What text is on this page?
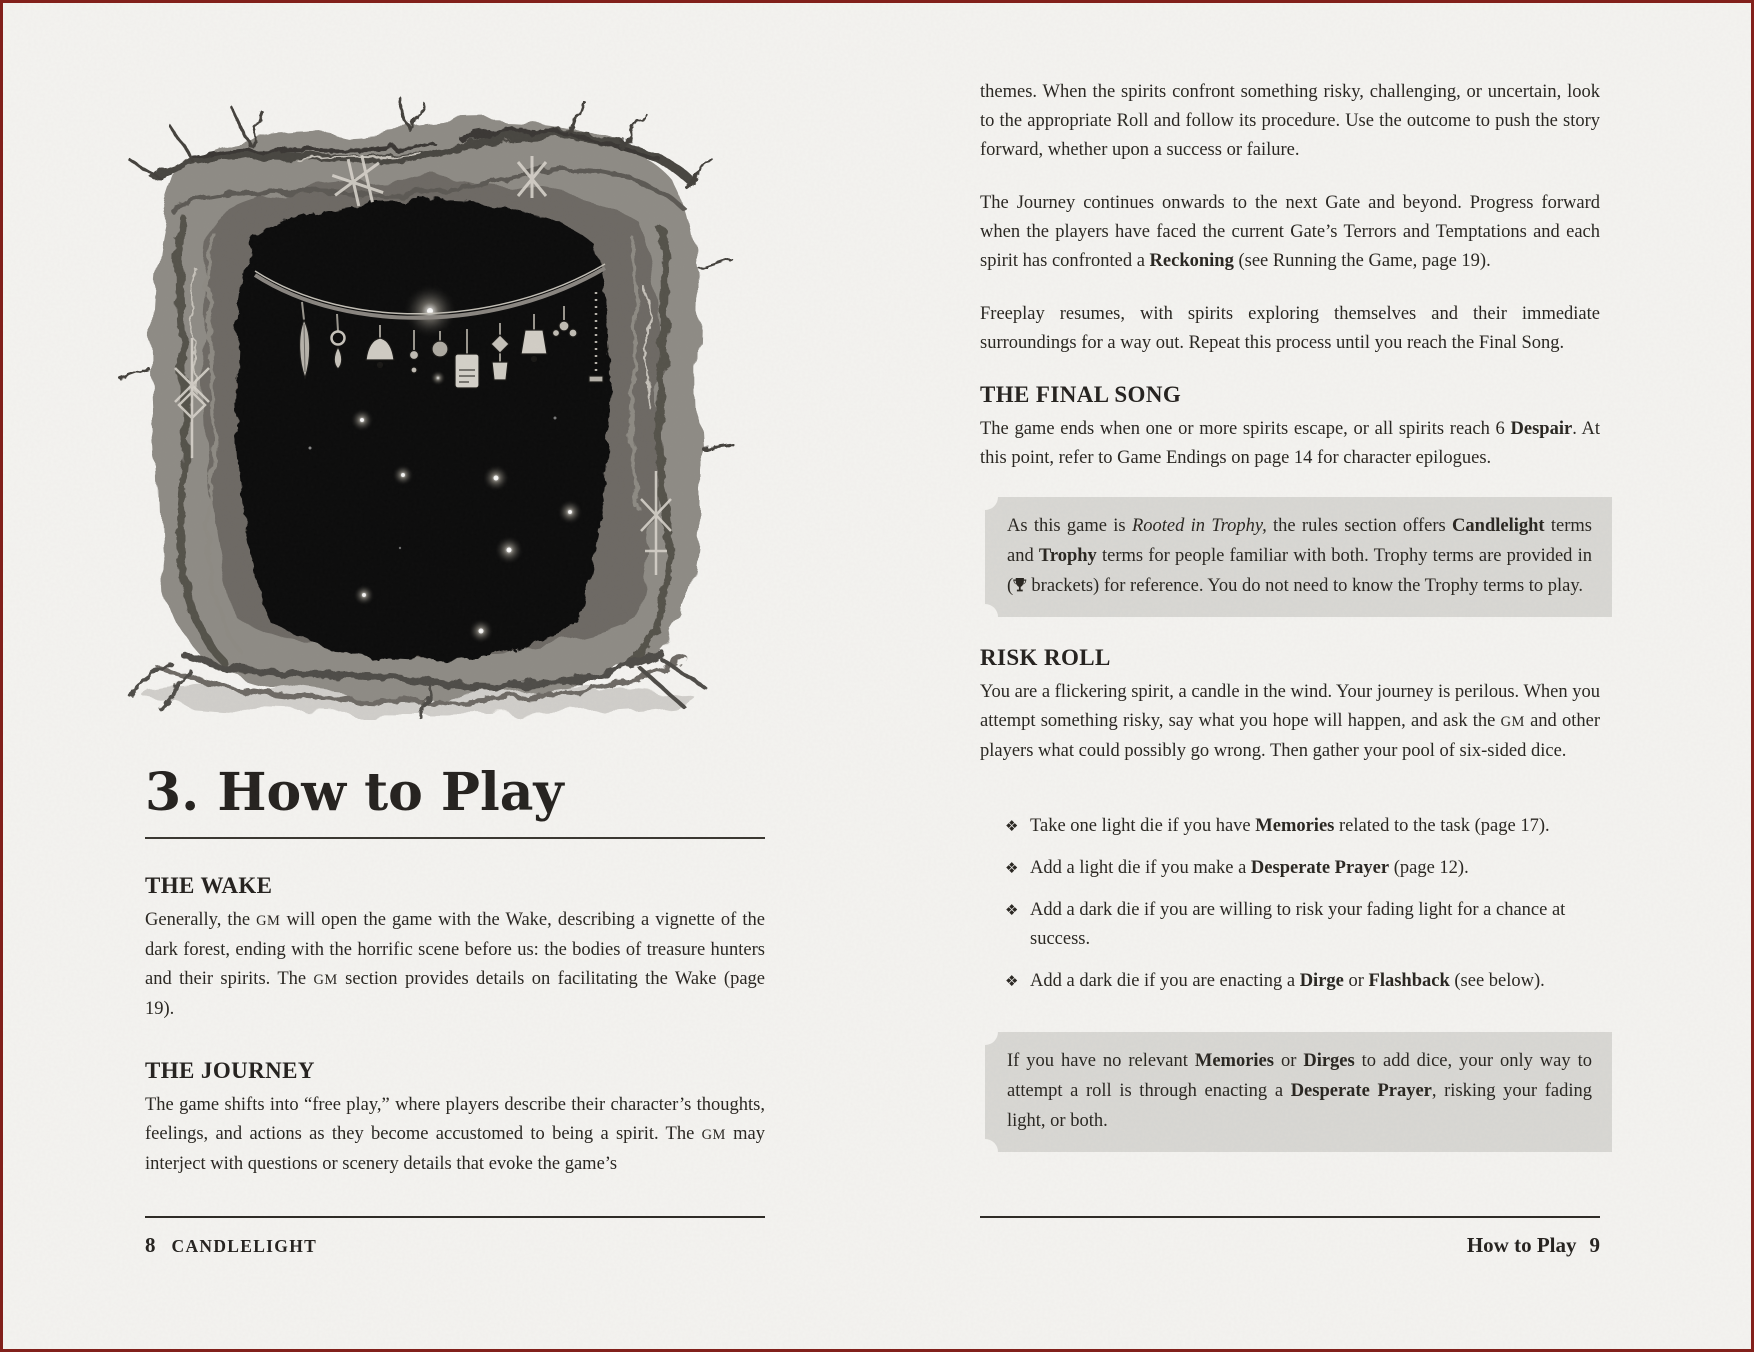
3. How to Play
THE WAKE

Generally, the GM will open the game with the Wake, describing a vignette of the dark forest, ending with the horrific scene before us: the bodies of treasure hunters and their spirits. The GM section provides details on facilitating the Wake (page 19).

THE JOURNEY

The game shifts into “free play,” where players describe their character’s thoughts, feelings, and actions as they become accustomed to being a spirit. The GM may interject with questions or scenery details that evoke the game’s

8 CANDLELIGHT

themes. When the spirits confront something risky, challenging, or uncertain, look to the appropriate Roll and follow its procedure. Use the outcome to push the story forward, whether upon a success or failure.

The Journey continues onwards to the next Gate and beyond. Progress forward when the players have faced the current Gate’s Terrors and Temptations and each spirit has confronted a Reckoning (see Running the Game, page 19).

Freeplay resumes, with spirits exploring themselves and their immediate surroundings for a way out. Repeat this process until you reach the Final Song.

THE FINAL SONG

The game ends when one or more spirits escape, or all spirits reach 6 Despair. At this point, refer to Game Endings on page 14 for character epilogues.

As this game is Rooted in Trophy, the rules section offers Candlelight terms and Trophy terms for people familiar with both. Trophy terms are provided in ( brackets) for reference. You do not need to know the Trophy terms to play.

RISK ROLL

You are a flickering spirit, a candle in the wind. Your journey is perilous. When you attempt something risky, say what you hope will happen, and ask the GM and other players what could possibly go wrong. Then gather your pool of six-sided dice.

❖ Take one light die if you have Memories related to the task (page 17).
❖ Add a light die if you make a Desperate Prayer (page 12).
❖ Add a dark die if you are willing to risk your fading light for a chance at success.
❖ Add a dark die if you are enacting a Dirge or Flashback (see below).

If you have no relevant Memories or Dirges to add dice, your only way to attempt a roll is through enacting a Desperate Prayer, risking your fading light, or both.

How to Play 9
